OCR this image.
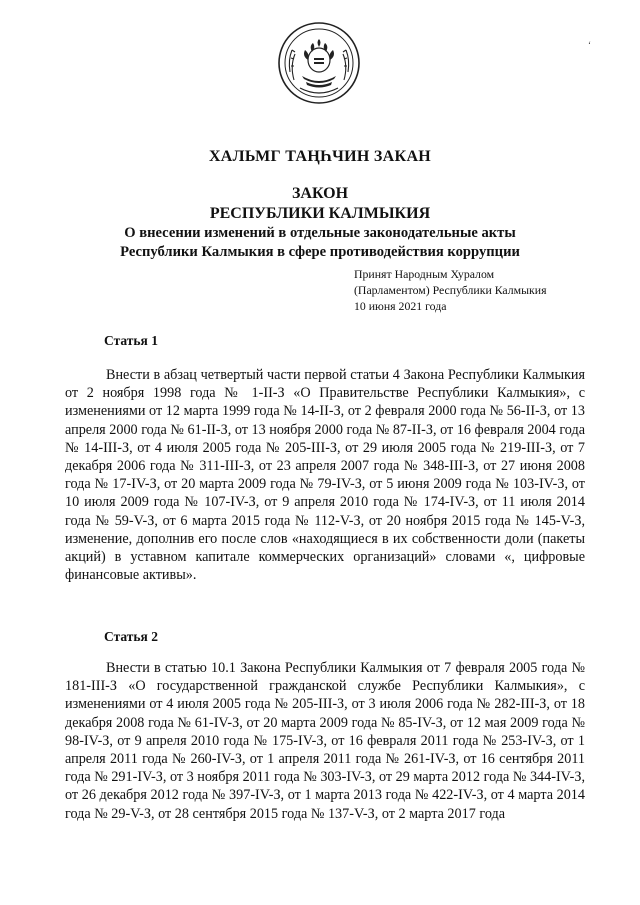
‘
ХАЛЬМГ ТАҢҺЧИН ЗАКАН
ЗАКОН
РЕСПУБЛИКИ КАЛМЫКИЯ
О внесении изменений в отдельные законодательные акты
Республики Калмыкия в сфере противодействия коррупции
Принят Народным Хуралом
(Парламентом) Республики Калмыкия
10 июня 2021 года
Статья 1

Внести в абзац четвертый части первой статьи 4 Закона Республики Калмыкия от 2 ноября 1998 года № 1-II-З «О Правительстве Республики Калмыкия», с изменениями от 12 марта 1999 года № 14-II-З, от 2 февраля 2000 года № 56-II-З, от 13 апреля 2000 года № 61-II-З, от 13 ноября 2000 года № 87-II-З, от 16 февраля 2004 года № 14-III-З, от 4 июля 2005 года № 205-III-З, от 29 июля 2005 года № 219-III-З, от 7 декабря 2006 года № 311-III-З, от 23 апреля 2007 года № 348-III-З, от 27 июня 2008 года № 17-IV-З, от 20 марта 2009 года № 79-IV-З, от 5 июня 2009 года № 103-IV-З, от 10 июля 2009 года № 107-IV-З, от 9 апреля 2010 года № 174-IV-З, от 11 июля 2014 года № 59-V-З, от 6 марта 2015 года № 112-V-З, от 20 ноября 2015 года № 145-V-З, изменение, дополнив его после слов «находящиеся в их собственности доли (пакеты акций) в уставном капитале коммерческих организаций» словами «, цифровые финансовые активы».

Статья 2

Внести в статью 10.1 Закона Республики Калмыкия от 7 февраля 2005 года № 181-III-З «О государственной гражданской службе Республики Калмыкия», с изменениями от 4 июля 2005 года № 205-III-З, от 3 июля 2006 года № 282-III-З, от 18 декабря 2008 года № 61-IV-З, от 20 марта 2009 года № 85-IV-З, от 12 мая 2009 года № 98-IV-З, от 9 апреля 2010 года № 175-IV-З, от 16 февраля 2011 года № 253-IV-З, от 1 апреля 2011 года № 260-IV-З, от 1 апреля 2011 года № 261-IV-З, от 16 сентября 2011 года № 291-IV-З, от 3 ноября 2011 года № 303-IV-З, от 29 марта 2012 года № 344-IV-З, от 26 декабря 2012 года № 397-IV-З, от 1 марта 2013 года № 422-IV-З, от 4 марта 2014 года № 29-V-З, от 28 сентября 2015 года № 137-V-З, от 2 марта 2017 года
